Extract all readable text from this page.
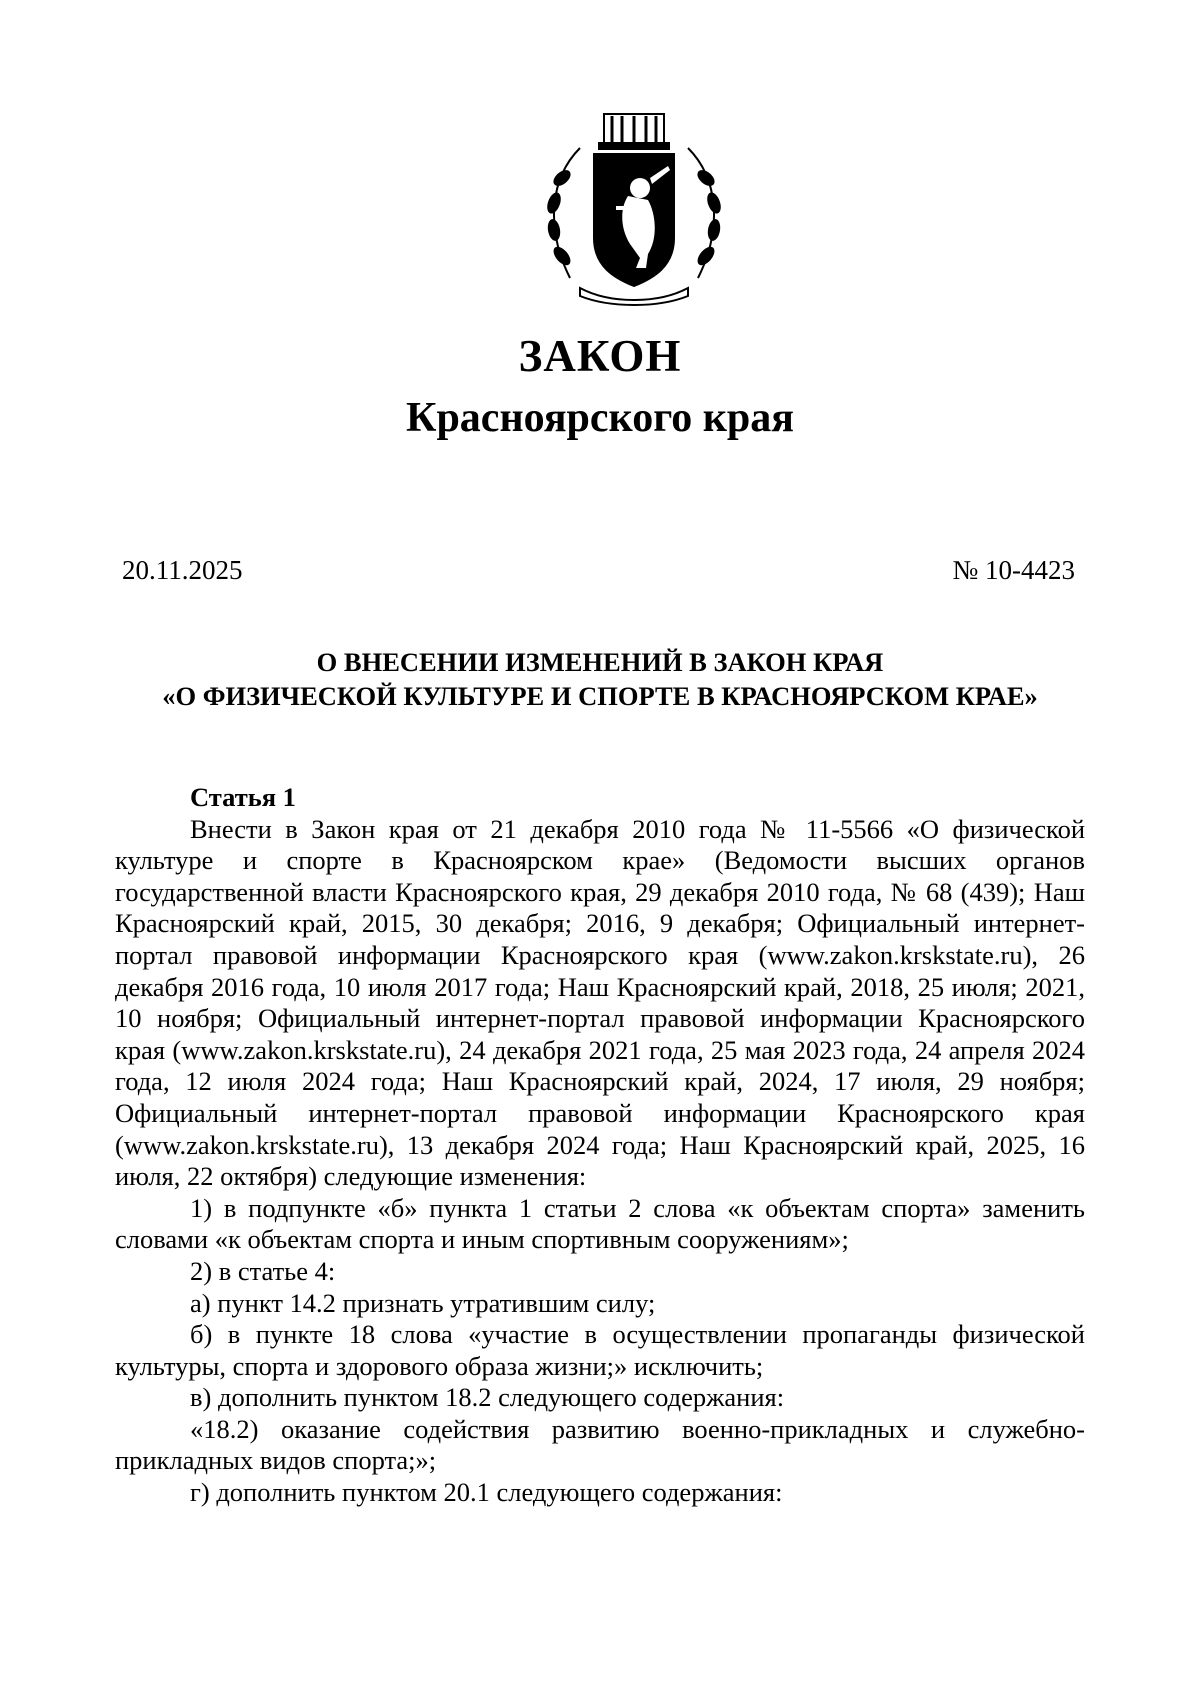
ЗАКОН
Красноярского края
20.11.2025	№ 10-4423
О ВНЕСЕНИИ ИЗМЕНЕНИЙ В ЗАКОН КРАЯ
«О ФИЗИЧЕСКОЙ КУЛЬТУРЕ И СПОРТЕ В КРАСНОЯРСКОМ КРАЕ»
Статья 1

Внести в Закон края от 21 декабря 2010 года № 11-5566 «О физической культуре и спорте в Красноярском крае» (Ведомости высших органов государственной власти Красноярского края, 29 декабря 2010 года, № 68 (439); Наш Красноярский край, 2015, 30 декабря; 2016, 9 декабря; Официальный интернет-портал правовой информации Красноярского края (www.zakon.krskstate.ru), 26 декабря 2016 года, 10 июля 2017 года; Наш Красноярский край, 2018, 25 июля; 2021, 10 ноября; Официальный интернет-портал правовой информации Красноярского края (www.zakon.krskstate.ru), 24 декабря 2021 года, 25 мая 2023 года, 24 апреля 2024 года, 12 июля 2024 года; Наш Красноярский край, 2024, 17 июля, 29 ноября; Официальный интернет-портал правовой информации Красноярского края (www.zakon.krskstate.ru), 13 декабря 2024 года; Наш Красноярский край, 2025, 16 июля, 22 октября) следующие изменения:

1) в подпункте «б» пункта 1 статьи 2 слова «к объектам спорта» заменить словами «к объектам спорта и иным спортивным сооружениям»;

2) в статье 4:

а) пункт 14.2 признать утратившим силу;

б) в пункте 18 слова «участие в осуществлении пропаганды физической культуры, спорта и здорового образа жизни;» исключить;

в) дополнить пунктом 18.2 следующего содержания:

«18.2) оказание содействия развитию военно-прикладных и служебно-прикладных видов спорта;»;

г) дополнить пунктом 20.1 следующего содержания:
